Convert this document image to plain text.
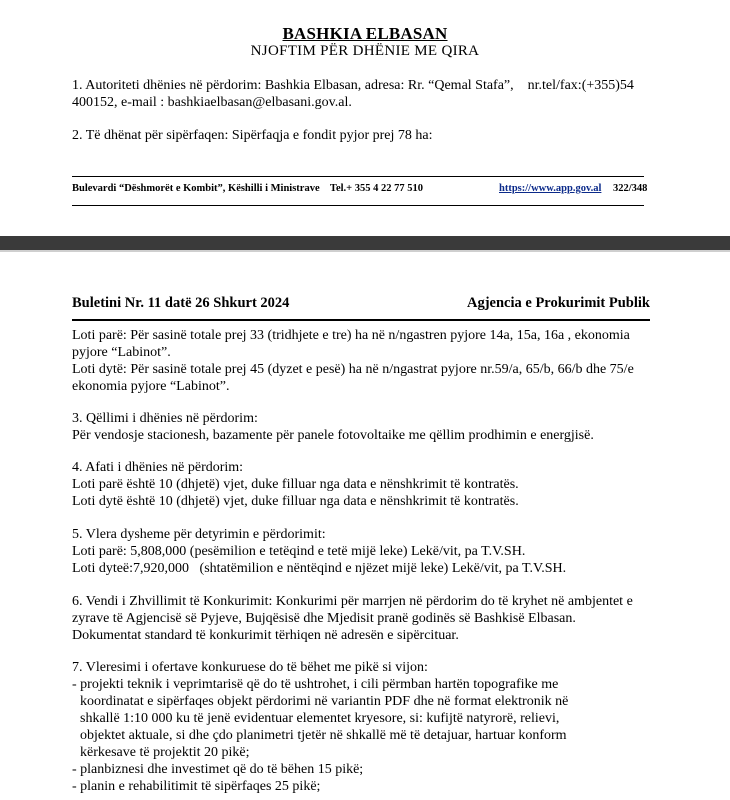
BASHKIA ELBASAN
NJOFTIM PËR DHËNIE ME QIRA
1. Autoriteti dhënies në përdorim: Bashkia Elbasan, adresa: Rr. “Qemal Stafa”,    nr.tel/fax:(+355)54
400152, e-mail : bashkiaelbasan@elbasani.gov.al.
2. Të dhënat për sipërfaqen: Sipërfaqja e fondit pyjor prej 78 ha:
Bulevardi “Dëshmorët e Kombit”, Këshilli i Ministrave    Tel.+ 355 4 22 77 510	https://www.app.gov.al 322/348
Buletini Nr. 11 datë 26 Shkurt 2024	Agjencia e Prokurimit Publik
Loti parë: Për sasinë totale prej 33 (tridhjete e tre) ha në n/ngastren pyjore 14a, 15a, 16a , ekonomia
pyjore “Labinot”.
Loti dytë: Për sasinë totale prej 45 (dyzet e pesë) ha në n/ngastrat pyjore nr.59/a, 65/b, 66/b dhe 75/e
ekonomia pyjore “Labinot”.
3. Qëllimi i dhënies në përdorim:
Për vendosje stacionesh, bazamente për panele fotovoltaike me qëllim prodhimin e energjisë.
4. Afati i dhënies në përdorim:
Loti parë është 10 (dhjetë) vjet, duke filluar nga data e nënshkrimit të kontratës.
Loti dytë është 10 (dhjetë) vjet, duke filluar nga data e nënshkrimit të kontratës.
5. Vlera dysheme për detyrimin e përdorimit:
Loti parë: 5,808,000 (pesëmilion e tetëqind e tetë mijë leke) Lekë/vit, pa T.V.SH.
Loti dyteë:7,920,000   (shtatëmilion e nëntëqind e njëzet mijë leke) Lekë/vit, pa T.V.SH.
6. Vendi i Zhvillimit të Konkurimit: Konkurimi për marrjen në përdorim do të kryhet në ambjentet e
zyrave të Agjencisë së Pyjeve, Bujqësisë dhe Mjedisit pranë godinës së Bashkisë Elbasan.
Dokumentat standard të konkurimit tërhiqen në adresën e sipërcituar.
7. Vleresimi i ofertave konkuruese do të bëhet me pikë si vijon:
- projekti teknik i veprimtarisë që do të ushtrohet, i cili përmban hartën topografike me
koordinatat e sipërfaqes objekt përdorimi në variantin PDF dhe në format elektronik në
shkallë 1:10 000 ku të jenë evidentuar elementet kryesore, si: kufijtë natyrorë, relievi,
objektet aktuale, si dhe çdo planimetri tjetër në shkallë më të detajuar, hartuar konform
kërkesave të projektit 20 pikë;
- planbiznesi dhe investimet që do të bëhen 15 pikë;
- planin e rehabilitimit të sipërfaqes 25 pikë;
